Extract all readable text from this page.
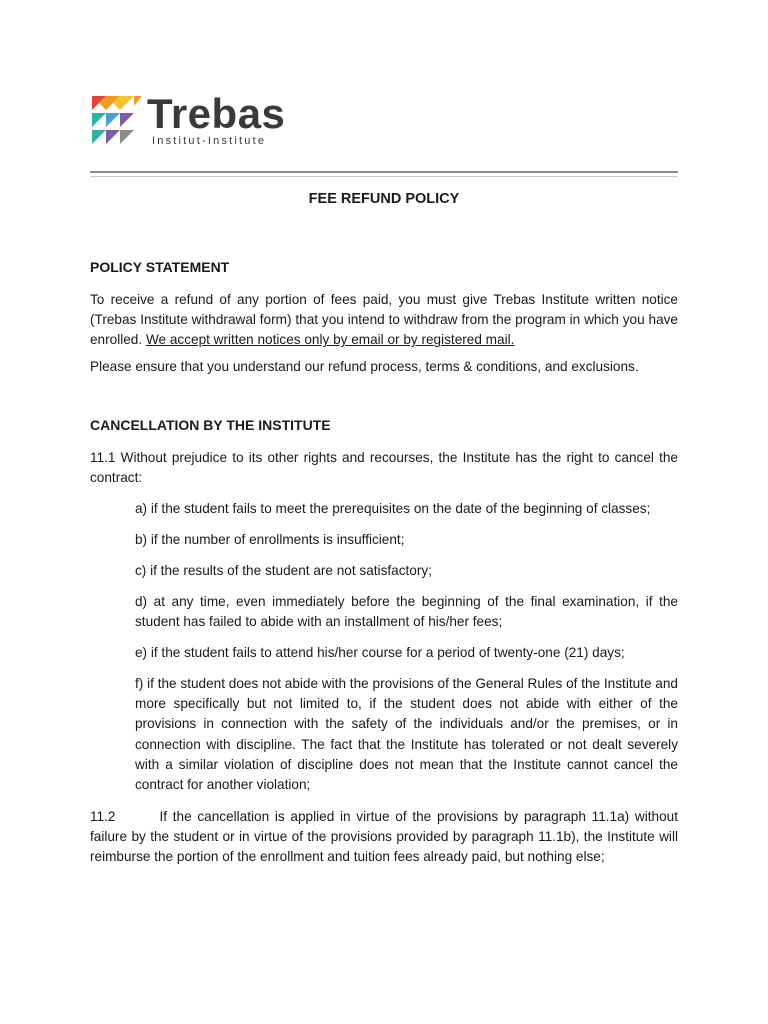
Trebas
Institut-Institute
FEE REFUND POLICY
POLICY STATEMENT
To receive a refund of any portion of fees paid, you must give Trebas Institute written notice (Trebas Institute withdrawal form) that you intend to withdraw from the program in which you have enrolled. We accept written notices only by email or by registered mail.
Please ensure that you understand our refund process, terms & conditions, and exclusions.
CANCELLATION BY THE INSTITUTE
11.1 Without prejudice to its other rights and recourses, the Institute has the right to cancel the contract:
a) if the student fails to meet the prerequisites on the date of the beginning of classes;
b) if the number of enrollments is insufficient;
c) if the results of the student are not satisfactory;
d) at any time, even immediately before the beginning of the final examination, if the student has failed to abide with an installment of his/her fees;
e) if the student fails to attend his/her course for a period of twenty-one (21) days;
f) if the student does not abide with the provisions of the General Rules of the Institute and more specifically but not limited to, if the student does not abide with either of the provisions in connection with the safety of the individuals and/or the premises, or in connection with discipline. The fact that the Institute has tolerated or not dealt severely with a similar violation of discipline does not mean that the Institute cannot cancel the contract for another violation;
11.2	If the cancellation is applied in virtue of the provisions by paragraph 11.1a) without failure by the student or in virtue of the provisions provided by paragraph 11.1b), the Institute will reimburse the portion of the enrollment and tuition fees already paid, but nothing else;
